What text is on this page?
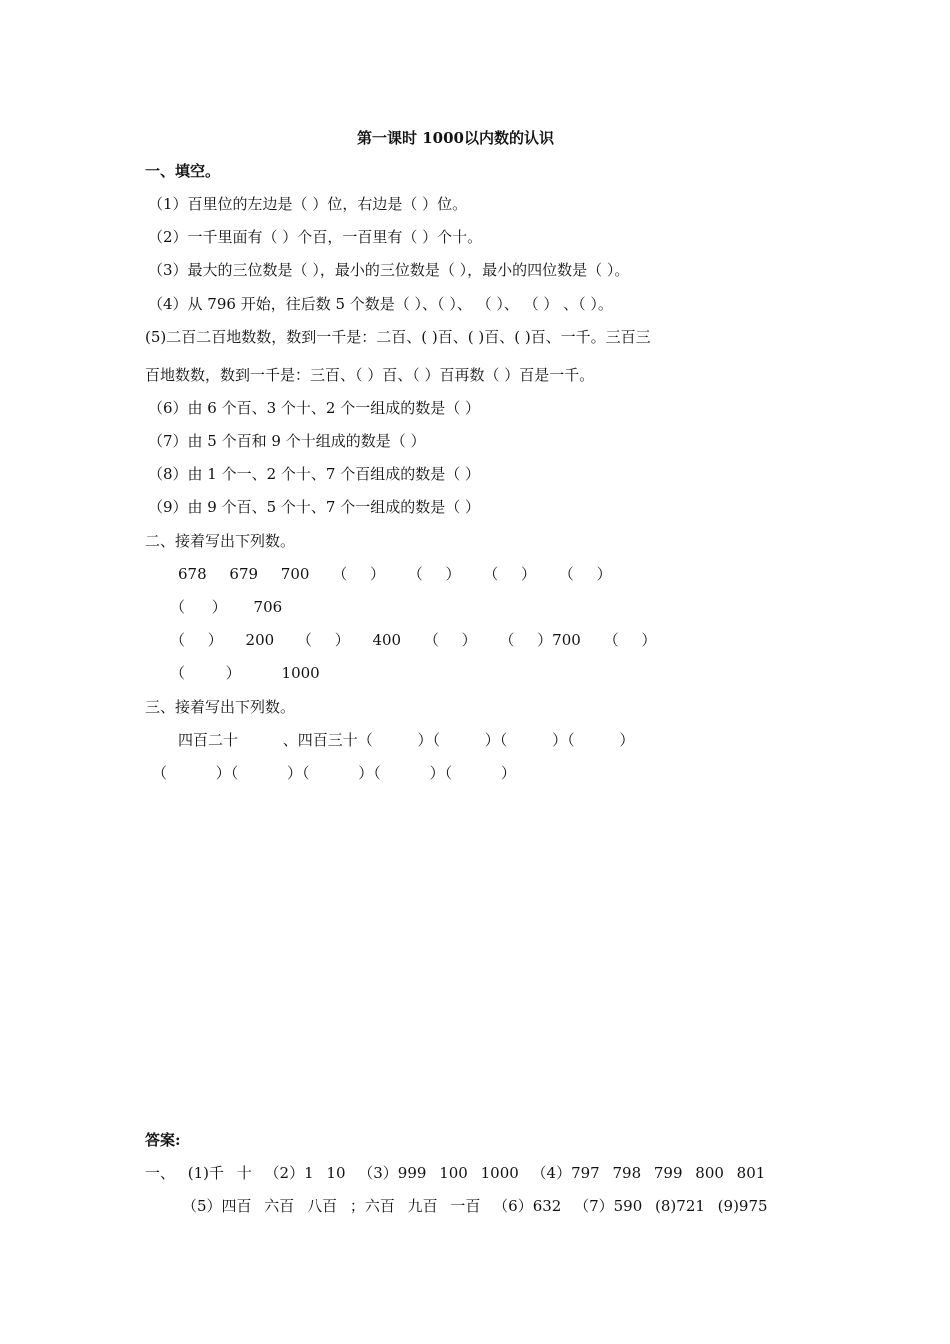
第一课时 1000以内数的认识
一、填空。
（1）百里位的左边是（ ）位，右边是（ ）位。
（2）一千里面有（ ）个百，一百里有（ ）个十。
（3）最大的三位数是（ ），最小的三位数是（ ），最小的四位数是（ ）。
（4）从 796 开始，往后数 5 个数是（ ）、（ ）、 （ ）、 （ ） 、（ ）。
(5)二百二百地数数，数到一千是：二百、( )百、( )百、( )百、一千。三百三
百地数数，数到一千是：三百、（ ）百、（ ）百再数（ ）百是一千。
（6）由 6 个百、3 个十、2 个一组成的数是（ ）
（7）由 5 个百和 9 个十组成的数是（ ）
（8）由 1 个一、2 个十、7 个百组成的数是（ ）
（9）由 9 个百、5 个十、7 个一组成的数是（ ）
二、接着写出下列数。
678 679 700 （ ） （ ） （ ） （ ）
（ ） 706
（ ） 200 （ ） 400 （ ） （ ）700 （ ）
（ ） 1000
三、接着写出下列数。
四百二十 、四百三十（ ）（ ）（ ）（ ）
（ ）（ ）（ ）（ ）（ ）
答案:
一、 (1)千 十 （2）1 10 （3）999 100 1000 （4）797 798 799 800 801
（5）四百 六百 八百 ；六百 九百 一百 （6）632 （7）590 (8)721 (9)975
